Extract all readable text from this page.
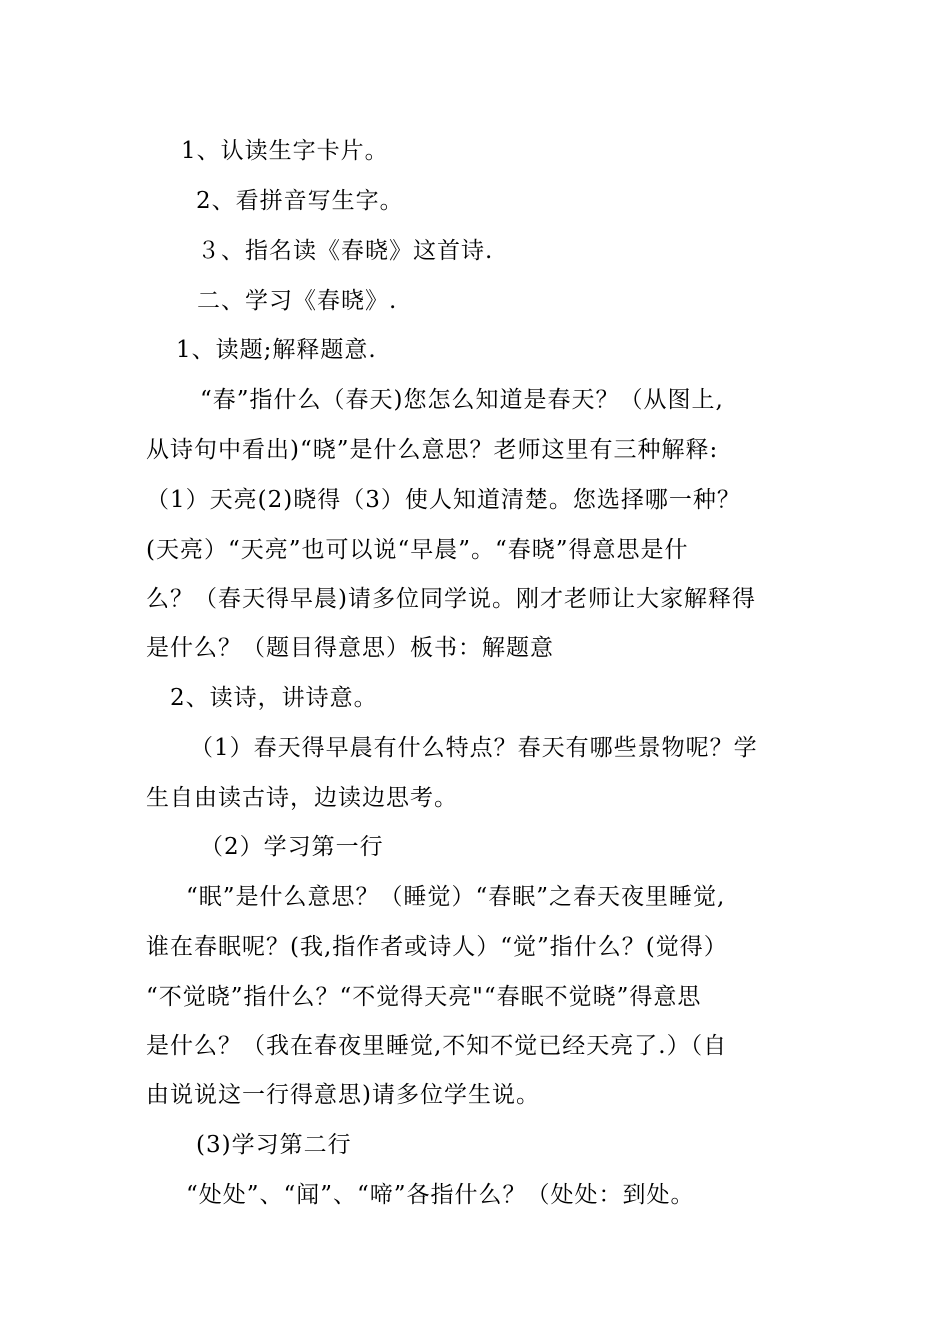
1、认读生字卡片。
2、看拼音写生字。
３、指名读《春晓》这首诗.
二、学习《春晓》.
1、读题;解释题意.
“春”指什么（春天)您怎么知道是春天？（从图上,
从诗句中看出)“晓”是什么意思？老师这里有三种解释:
（1）天亮(2)晓得（3）使人知道清楚。您选择哪一种？
(天亮）“天亮”也可以说“早晨”。“春晓”得意思是什
么？（春天得早晨)请多位同学说。刚才老师让大家解释得
是什么？（题目得意思）板书：解题意
2、读诗，讲诗意。
（1）春天得早晨有什么特点？春天有哪些景物呢？学
生自由读古诗，边读边思考。
（2）学习第一行
“眠”是什么意思？（睡觉）“春眠”之春天夜里睡觉,
谁在春眠呢？(我,指作者或诗人）“觉”指什么？(觉得）
“不觉晓”指什么？“不觉得天亮"“春眠不觉晓”得意思
是什么？（我在春夜里睡觉,不知不觉已经天亮了.）（自
由说说这一行得意思)请多位学生说。
(3)学习第二行
“处处”、“闻”、“啼”各指什么？（处处：到处。
